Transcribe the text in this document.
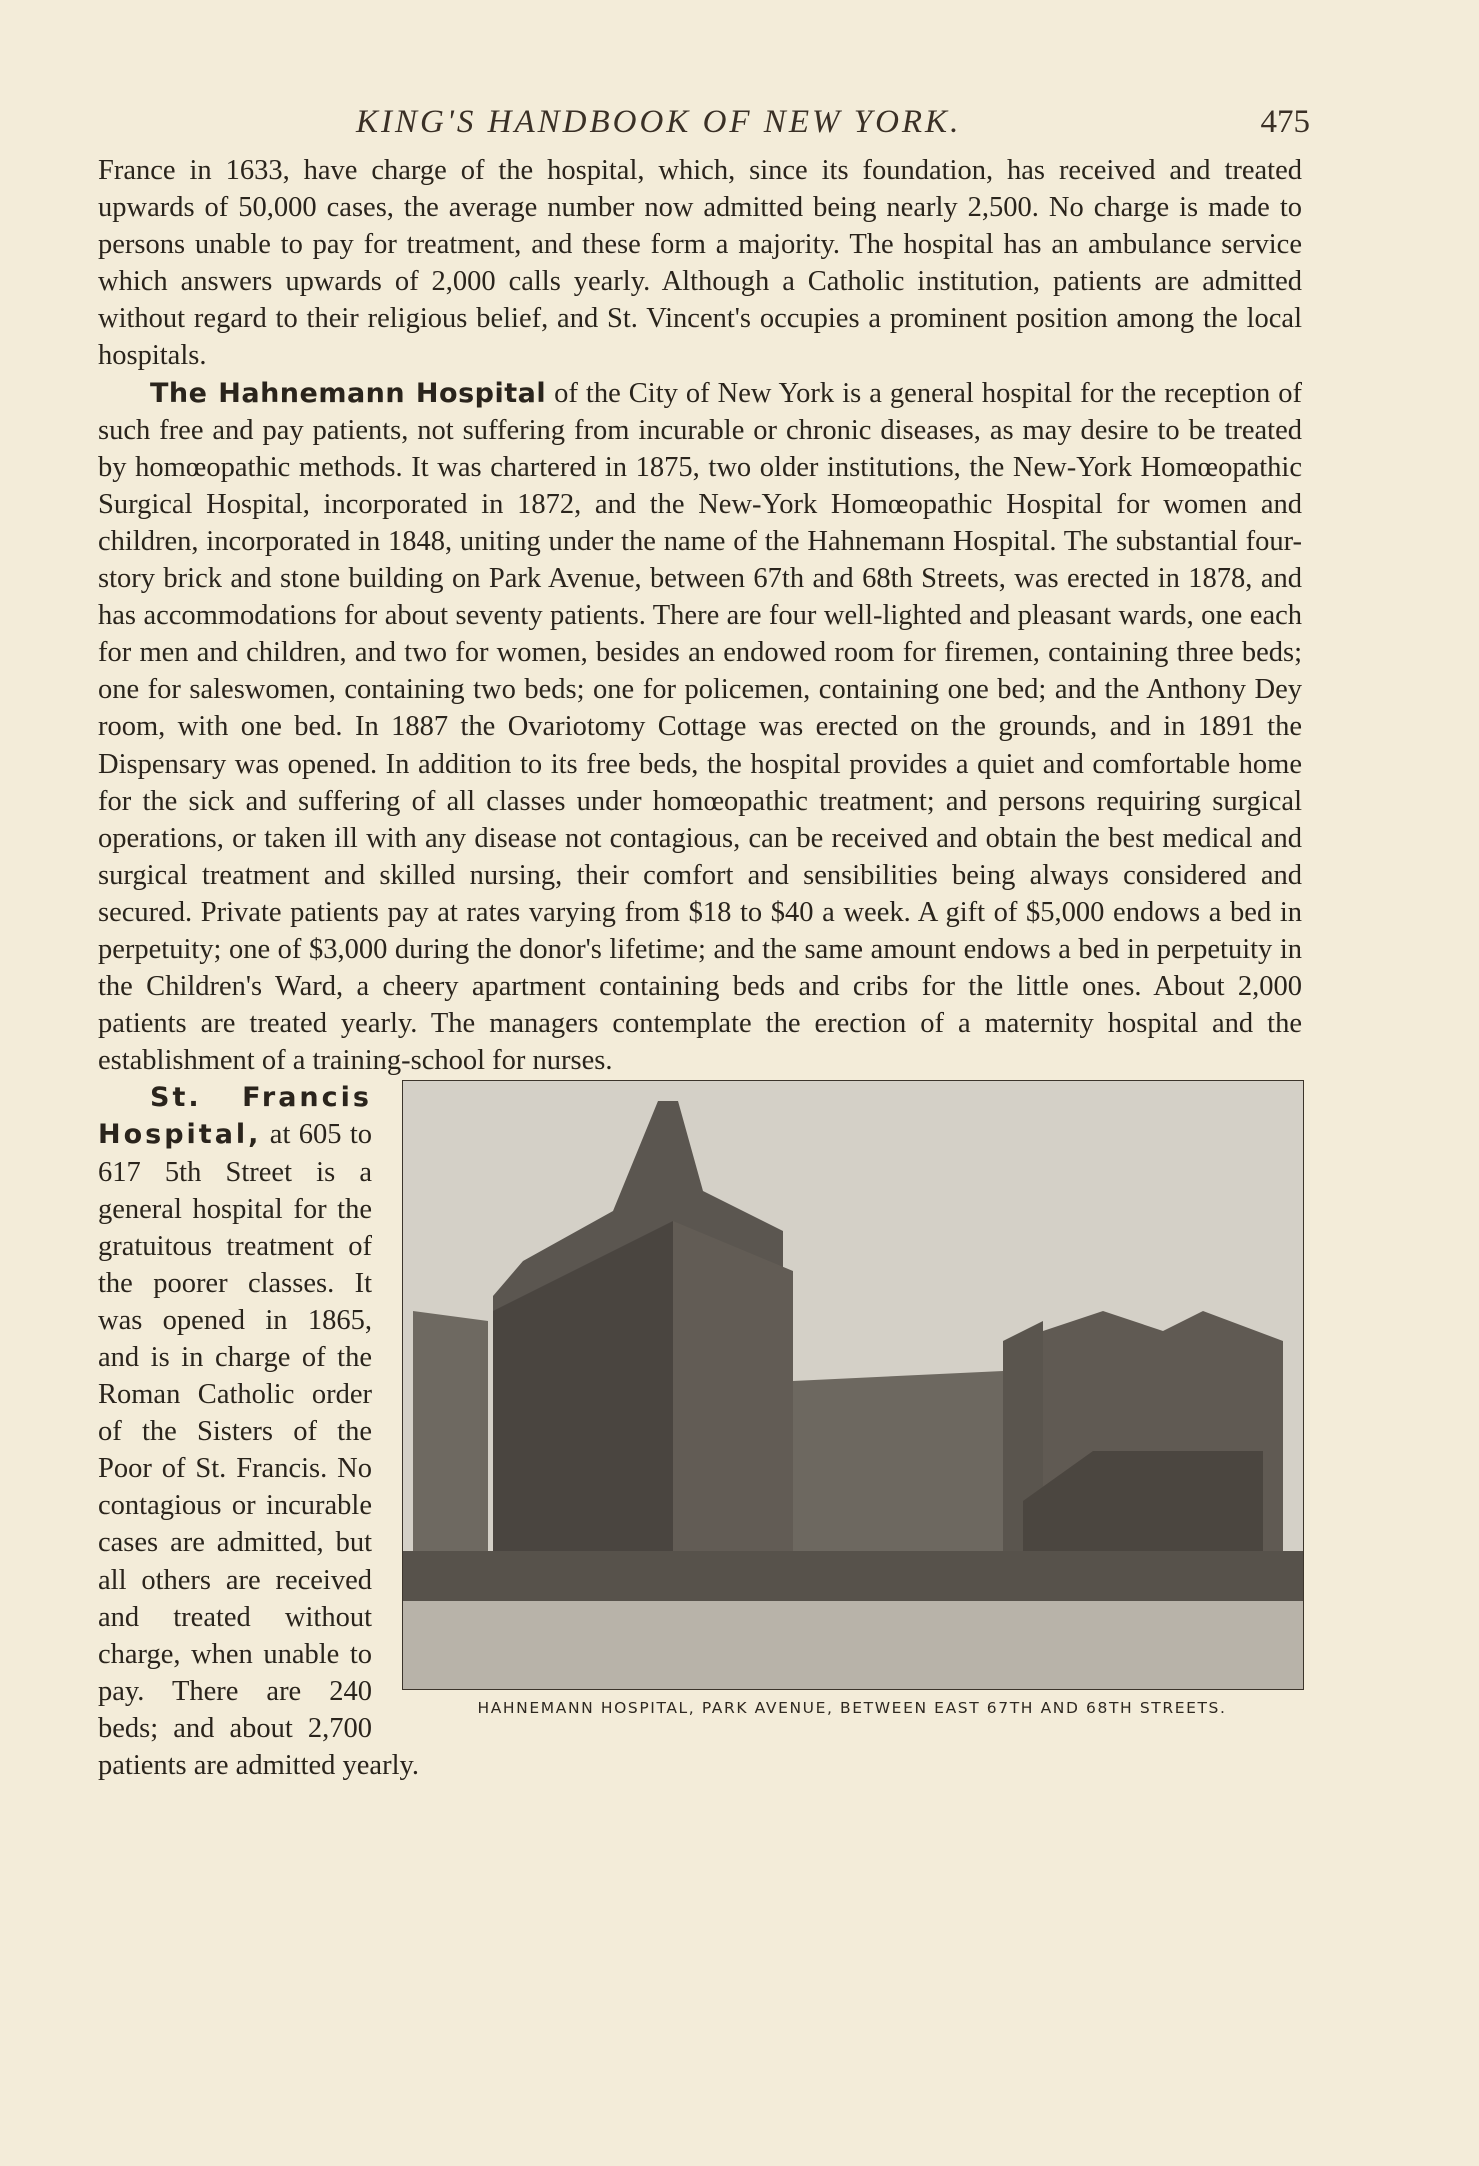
KING'S HANDBOOK OF NEW YORK.	475

France in 1633, have charge of the hospital, which, since its foundation, has received and treated upwards of 50,000 cases, the average number now admitted being nearly 2,500. No charge is made to persons unable to pay for treatment, and these form a majority. The hospital has an ambulance service which answers upwards of 2,000 calls yearly. Although a Catholic institution, patients are admitted without regard to their religious belief, and St. Vincent's occupies a prominent position among the local hospitals.

HAHNEMANN HOSPITAL, PARK AVENUE, BETWEEN EAST 67TH AND 68TH STREETS.

The Hahnemann Hospital of the City of New York is a general hospital for the reception of such free and pay patients, not suffering from incurable or chronic diseases, as may desire to be treated by homœopathic methods. It was chartered in 1875, two older institutions, the New-York Homœopathic Surgical Hospital, incorporated in 1872, and the New-York Homœopathic Hospital for women and children, incorporated in 1848, uniting under the name of the Hahnemann Hospital. The substantial four-story brick and stone building on Park Avenue, between 67th and 68th Streets, was erected in 1878, and has accommodations for about seventy patients. There are four well-lighted and pleasant wards, one each for men and children, and two for women, besides an endowed room for firemen, containing three beds; one for saleswomen, containing two beds; one for policemen, containing one bed; and the Anthony Dey room, with one bed. In 1887 the Ovariotomy Cottage was erected on the grounds, and in 1891 the Dispensary was opened. In addition to its free beds, the hospital provides a quiet and comfortable home for the sick and suffering of all classes under homœopathic treatment; and persons requiring surgical operations, or taken ill with any disease not contagious, can be received and obtain the best medical and surgical treatment and skilled nursing, their comfort and sensibilities being always considered and secured. Private patients pay at rates varying from $18 to $40 a week. A gift of $5,000 endows a bed in perpetuity; one of $3,000 during the donor's lifetime; and the same amount endows a bed in perpetuity in the Children's Ward, a cheery apartment containing beds and cribs for the little ones. About 2,000 patients are treated yearly. The managers contemplate the erection of a maternity hospital and the establishment of a training-school for nurses.

St. Francis Hospital, at 605 to 617 5th Street is a general hospital for the gratuitous treatment of the poorer classes. It was opened in 1865, and is in charge of the Roman Catholic order of the Sisters of the Poor of St. Francis. No contagious or incurable cases are admitted, but all others are received and treated without charge, when unable to pay. There are 240 beds; and about 2,700 patients are admitted yearly.
